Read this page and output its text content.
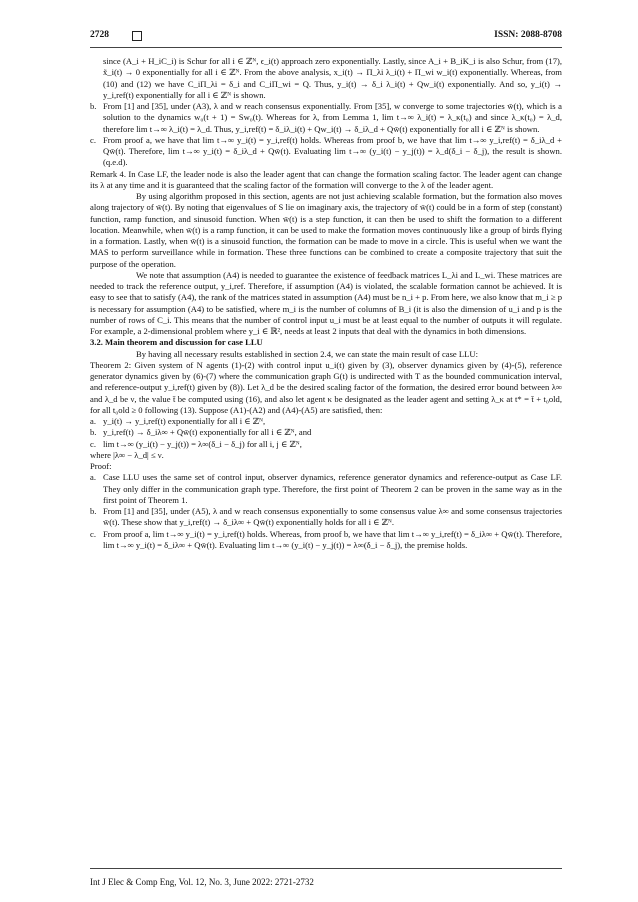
2728	ISSN: 2088-8708
since (A_i + H_iC_i) is Schur for all i ∈ ℤᴺ, ϵ_i(t) approach zero exponentially. Lastly, since A_i + B_iK_i is also Schur, from (17), x̃_i(t) → 0 exponentially for all i ∈ ℤᴺ. From the above analysis, x_i(t) → Π_λi λ_i(t) + Π_wi w_i(t) exponentially. Whereas, from (10) and (12) we have C_iΠ_λi = δ_i and C_iΠ_wi = Q. Thus, y_i(t) → δ_i λ_i(t) + Qw_i(t) exponentially. And so, y_i(t) → y_i,ref(t) exponentially for all i ∈ ℤᴺ is shown.
b. From [1] and [35], under (A3), λ and w reach consensus exponentially. From [35], w converge to some trajectories w̄(t), which is a solution to the dynamics w₀(t + 1) = Sw₀(t). Whereas for λ, from Lemma 1, lim t→∞ λ_i(t) = λ_κ(t₀) and since λ_κ(t₀) = λ_d, therefore lim t→∞ λ_i(t) = λ_d. Thus, y_i,ref(t) = δ_iλ_i(t) + Qw_i(t) → δ_iλ_d + Qw̄(t) exponentially for all i ∈ ℤᴺ is shown.
c. From proof a, we have that lim t→∞ y_i(t) = y_i,ref(t) holds. Whereas from proof b, we have that lim t→∞ y_i,ref(t) = δ_iλ_d + Qw̄(t). Therefore, lim t→∞ y_i(t) = δ_iλ_d + Qw̄(t). Evaluating lim t→∞ (y_i(t) − y_j(t)) = λ_d(δ_i − δ_j), the result is shown. (q.e.d).

Remark 4. In Case LF, the leader node is also the leader agent that can change the formation scaling factor. The leader agent can change its λ at any time and it is guaranteed that the scaling factor of the formation will converge to the λ of the leader agent.

By using algorithm proposed in this section, agents are not just achieving scalable formation, but the formation also moves along trajectory of w̄(t). By noting that eigenvalues of S lie on imaginary axis, the trajectory of w̄(t) could be in a form of step (constant) function, ramp function, and sinusoid function. When w̄(t) is a step function, it can then be used to shift the formation to a different location. Meanwhile, when w̄(t) is a ramp function, it can be used to make the formation moves continuously like a group of birds flying in a formation. Lastly, when w̄(t) is a sinusoid function, the formation can be made to move in a circle. This is useful when we want the MAS to perform surveillance while in formation. These three functions can be combined to create a composite trajectory that suit the purpose of the operation.

We note that assumption (A4) is needed to guarantee the existence of feedback matrices L_λi and L_wi. These matrices are needed to track the reference output, y_i,ref. Therefore, if assumption (A4) is violated, the scalable formation cannot be achieved. It is easy to see that to satisfy (A4), the rank of the matrices stated in assumption (A4) must be n_i + p. From here, we also know that m_i ≥ p is necessary for assumption (A4) to be satisfied, where m_i is the number of columns of B_i (it is also the dimension of u_i and p is the number of rows of C_i. This means that the number of control input u_i must be at least equal to the number of outputs it will regulate. For example, a 2-dimensional problem where y_i ∈ ℝ², needs at least 2 inputs that deal with the dynamics in both dimensions.

3.2. Main theorem and discussion for case LLU

By having all necessary results established in section 2.4, we can state the main result of case LLU:

Theorem 2: Given system of N agents (1)-(2) with control input u_i(t) given by (3), observer dynamics given by (4)-(5), reference generator dynamics given by (6)-(7) where the communication graph G(t) is undirected with T as the bounded communication interval, and reference-output y_i,ref(t) given by (8)). Let λ_d be the desired scaling factor of the formation, the desired error bound between λ∞ and λ_d be ν, the value t̄ be computed using (16), and also let agent κ be designated as the leader agent and setting λ_κ at t* = t̄ + t₀old, for all t₀old ≥ 0 following (13). Suppose (A1)-(A2) and (A4)-(A5) are satisfied, then:

a. y_i(t) → y_i,ref(t) exponentially for all i ∈ ℤᴺ,
b. y_i,ref(t) → δ_iλ∞ + Qw̄(t) exponentially for all i ∈ ℤᴺ, and
c. lim t→∞ (y_i(t) − y_j(t)) = λ∞(δ_i − δ_j) for all i, j ∈ ℤᴺ,

where |λ∞ − λ_d| ≤ ν.

Proof:

a. Case LLU uses the same set of control input, observer dynamics, reference generator dynamics and reference-output as Case LF. They only differ in the communication graph type. Therefore, the first point of Theorem 2 can be proven in the same way as in the first point of Theorem 1.
b. From [1] and [35], under (A5), λ and w reach consensus exponentially to some consensus value λ∞ and some consensus trajectories w̄(t). These show that y_i,ref(t) → δ_iλ∞ + Qw̄(t) exponentially holds for all i ∈ ℤᴺ.
c. From proof a, lim t→∞ y_i(t) = y_i,ref(t) holds. Whereas, from proof b, we have that lim t→∞ y_i,ref(t) = δ_iλ∞ + Qw̄(t). Therefore, lim t→∞ y_i(t) = δ_iλ∞ + Qw̄(t). Evaluating lim t→∞ (y_i(t) − y_j(t)) = λ∞(δ_i − δ_j), the premise holds.
Int J Elec & Comp Eng, Vol. 12, No. 3, June 2022: 2721-2732
